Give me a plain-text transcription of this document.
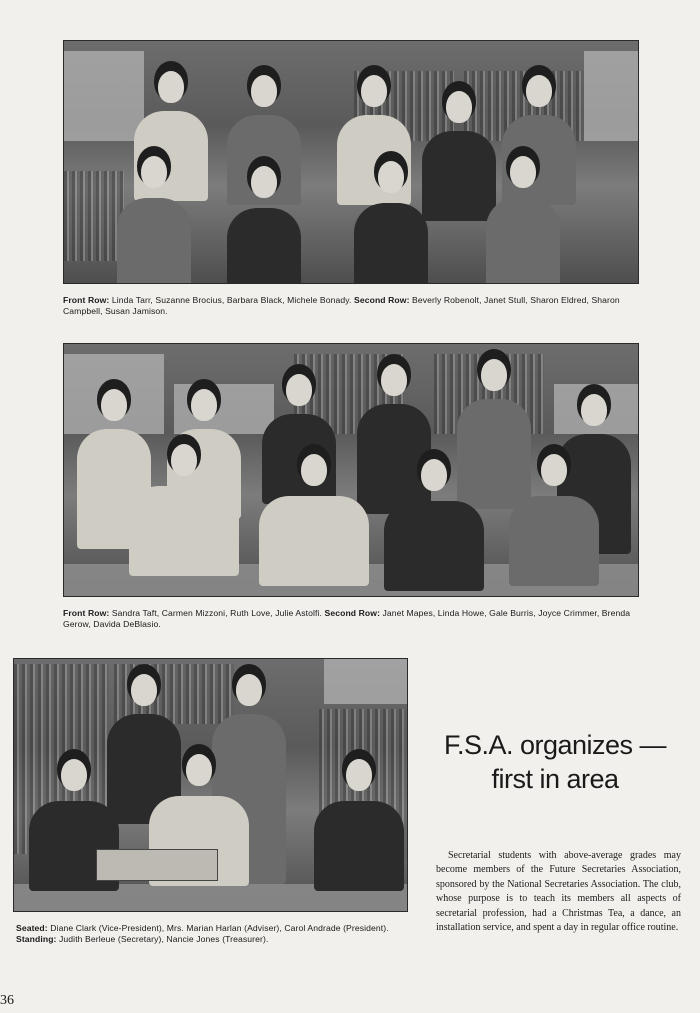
Front Row: Linda Tarr, Suzanne Brocius, Barbara Black, Michele Bonady. Second Row: Beverly Robenolt, Janet Stull, Sharon Eldred, Sharon Campbell, Susan Jamison.
Front Row: Sandra Taft, Carmen Mizzoni, Ruth Love, Julie Astolfi. Second Row: Janet Mapes, Linda Howe, Gale Burris, Joyce Crimmer, Brenda Gerow, Davida DeBlasio.
Seated: Diane Clark (Vice-President), Mrs. Marian Harlan (Adviser), Carol Andrade (President). Standing: Judith Berleue (Secretary), Nancie Jones (Treasurer).
F.S.A. organizes —
first in area
Secretarial students with above-average grades may become members of the Future Secretaries Association, sponsored by the National Secretaries Association. The club, whose purpose is to teach its members all aspects of secretarial profession, had a Christmas Tea, a dance, an installation service, and spent a day in regular office routine.
36
